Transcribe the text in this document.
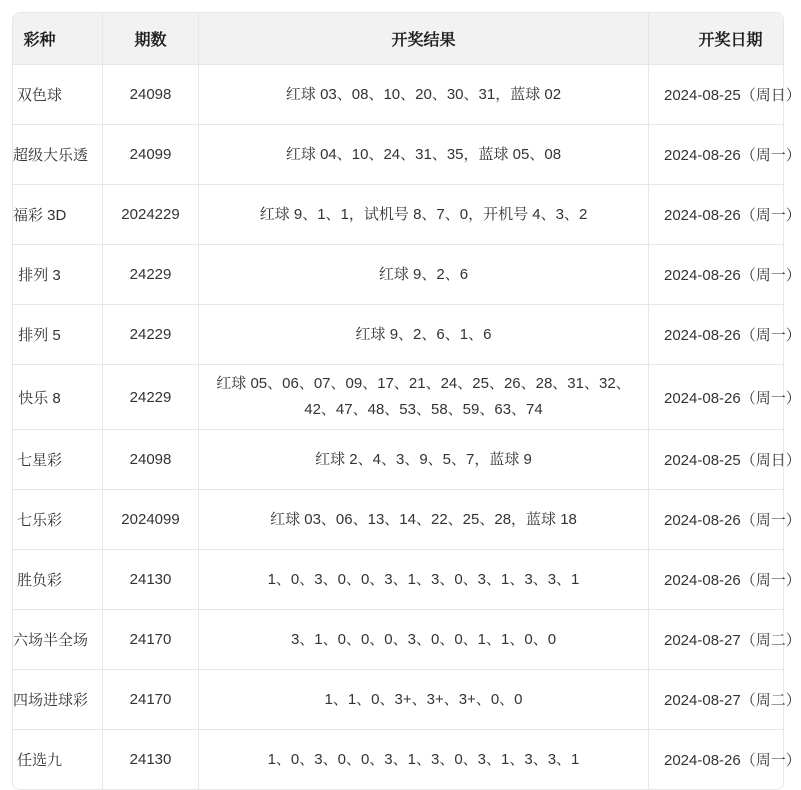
彩种	期数	开奖结果	开奖日期
双色球	24098	红球 03、08、10、20、30、31，蓝球 02	2024-08-25（周日）
超级大乐透	24099	红球 04、10、24、31、35，蓝球 05、08	2024-08-26（周一）
福彩 3D	2024229	红球 9、1、1，试机号 8、7、0，开机号 4、3、2	2024-08-26（周一）
排列 3	24229	红球 9、2、6	2024-08-26（周一）
排列 5	24229	红球 9、2、6、1、6	2024-08-26（周一）
快乐 8	24229	红球 05、06、07、09、17、21、24、25、26、28、31、32、42、47、48、53、58、59、63、74	2024-08-26（周一）
七星彩	24098	红球 2、4、3、9、5、7，蓝球 9	2024-08-25（周日）
七乐彩	2024099	红球 03、06、13、14、22、25、28，蓝球 18	2024-08-26（周一）
胜负彩	24130	1、0、3、0、0、3、1、3、0、3、1、3、3、1	2024-08-26（周一）
六场半全场	24170	3、1、0、0、0、3、0、0、1、1、0、0	2024-08-27（周二）
四场进球彩	24170	1、1、0、3+、3+、3+、0、0	2024-08-27（周二）
任选九	24130	1、0、3、0、0、3、1、3、0、3、1、3、3、1	2024-08-26（周一）
